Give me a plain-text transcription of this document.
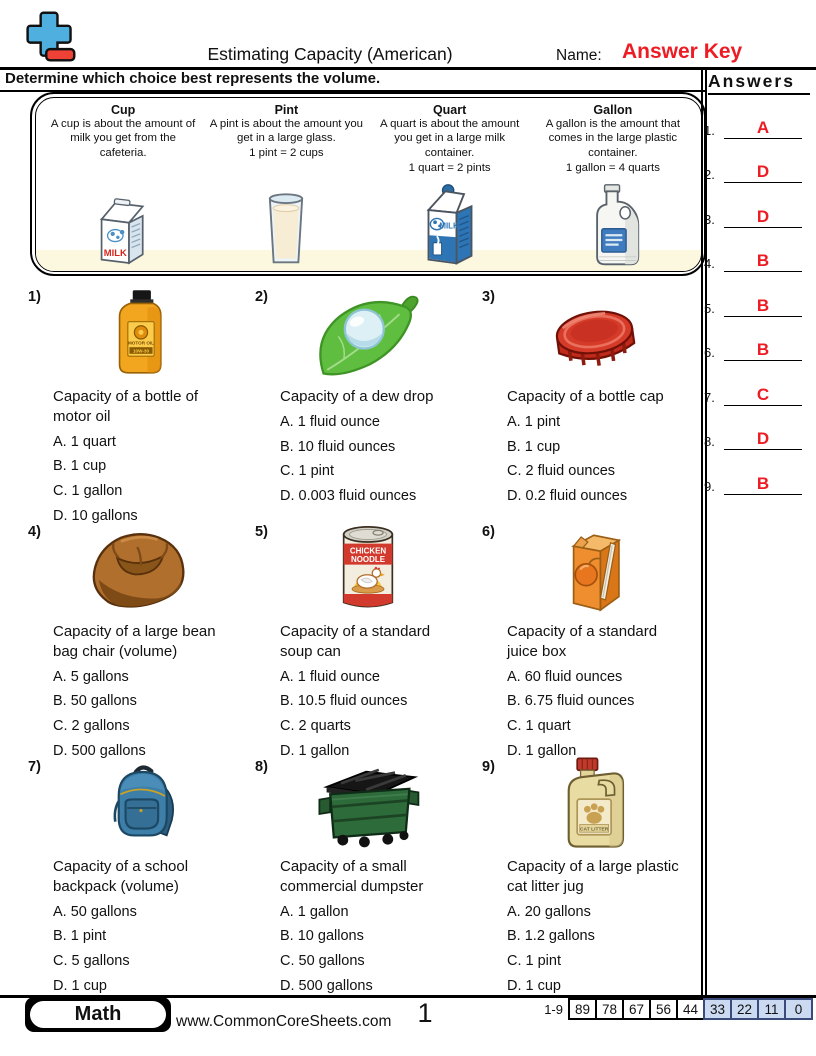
Estimating Capacity (American)	Name: Answer Key
Determine which choice best represents the volume.	Answers
1.	A
2.	D
3.	D
4.	B
5.	B
6.	B
7.	C
8.	D
9.	B
Cup
A cup is about the amount of milk you get from the cafeteria.
MILK
Pint
A pint is about the amount you get in a large glass.
1 pint = 2 cups
Quart
A quart is about the amount you get in a large milk container.
1 quart = 2 pints
MILK
Gallon
A gallon is the amount that comes in the large plastic container.
1 gallon = 4 quarts
1)
MOTOR OIL
10W-30
Capacity of a bottle of motor oil
A. 1 quart
B. 1 cup
C. 1 gallon
D. 10 gallons
2)
Capacity of a dew drop
A. 1 fluid ounce
B. 10 fluid ounces
C. 1 pint
D. 0.003 fluid ounces
3)
Capacity of a bottle cap
A. 1 pint
B. 1 cup
C. 2 fluid ounces
D. 0.2 fluid ounces
4)
Capacity of a large bean bag chair (volume)
A. 5 gallons
B. 50 gallons
C. 2 gallons
D. 500 gallons
5)
CHICKEN
NOODLE
Capacity of a standard soup can
A. 1 fluid ounce
B. 10.5 fluid ounces
C. 2 quarts
D. 1 gallon
6)
Capacity of a standard juice box
A. 60 fluid ounces
B. 6.75 fluid ounces
C. 1 quart
D. 1 gallon
7)
Capacity of a school backpack (volume)
A. 50 gallons
B. 1 pint
C. 5 gallons
D. 1 cup
8)
Capacity of a small commercial dumpster
A. 1 gallon
B. 10 gallons
C. 50 gallons
D. 500 gallons
9)
CAT LITTER
Capacity of a large plastic cat litter jug
A. 20 gallons
B. 1.2 gallons
C. 1 pint
D. 1 cup
Math	www.CommonCoreSheets.com 1	1-9 89 78 67 56 44 33 22 11	0
